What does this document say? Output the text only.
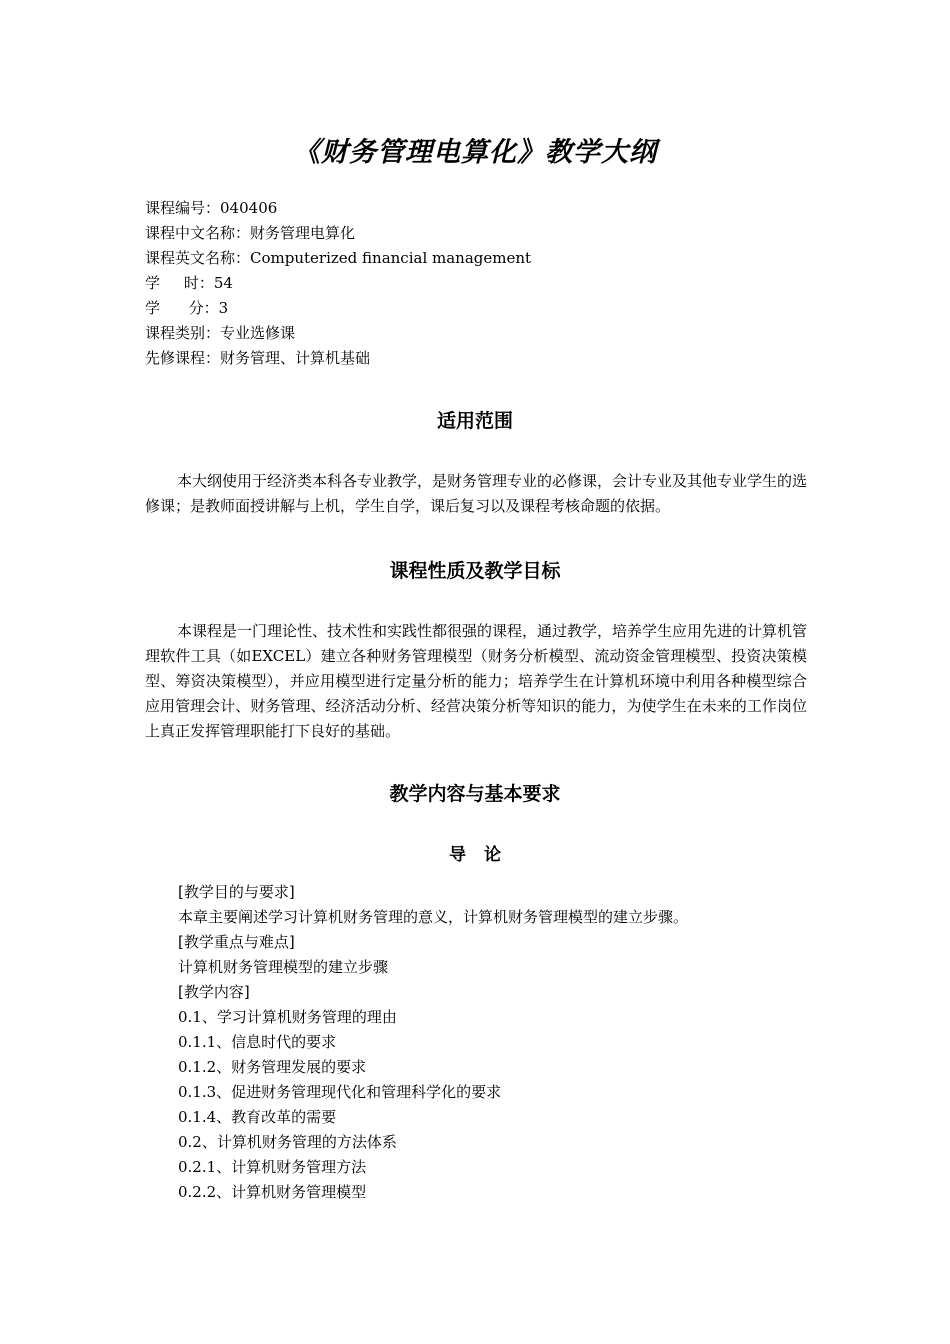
《财务管理电算化》教学大纲
课程编号：040406
课程中文名称：财务管理电算化
课程英文名称：Computerized financial management
学     时：54
学      分：3
课程类别：专业选修课
先修课程：财务管理、计算机基础
适用范围

本大纲使用于经济类本科各专业教学，是财务管理专业的必修课，会计专业及其他专业学生的选修课；是教师面授讲解与上机，学生自学，课后复习以及课程考核命题的依据。

课程性质及教学目标

本课程是一门理论性、技术性和实践性都很强的课程，通过教学，培养学生应用先进的计算机管理软件工具（如EXCEL）建立各种财务管理模型（财务分析模型、流动资金管理模型、投资决策模型、筹资决策模型），并应用模型进行定量分析的能力；培养学生在计算机环境中利用各种模型综合应用管理会计、财务管理、经济活动分析、经营决策分析等知识的能力，为使学生在未来的工作岗位上真正发挥管理职能打下良好的基础。

教学内容与基本要求
导论
[教学目的与要求]
本章主要阐述学习计算机财务管理的意义，计算机财务管理模型的建立步骤。
[教学重点与难点]
计算机财务管理模型的建立步骤
[教学内容]
0.1、学习计算机财务管理的理由
0.1.1、信息时代的要求
0.1.2、财务管理发展的要求
0.1.3、促进财务管理现代化和管理科学化的要求
0.1.4、教育改革的需要
0.2、计算机财务管理的方法体系
0.2.1、计算机财务管理方法
0.2.2、计算机财务管理模型
